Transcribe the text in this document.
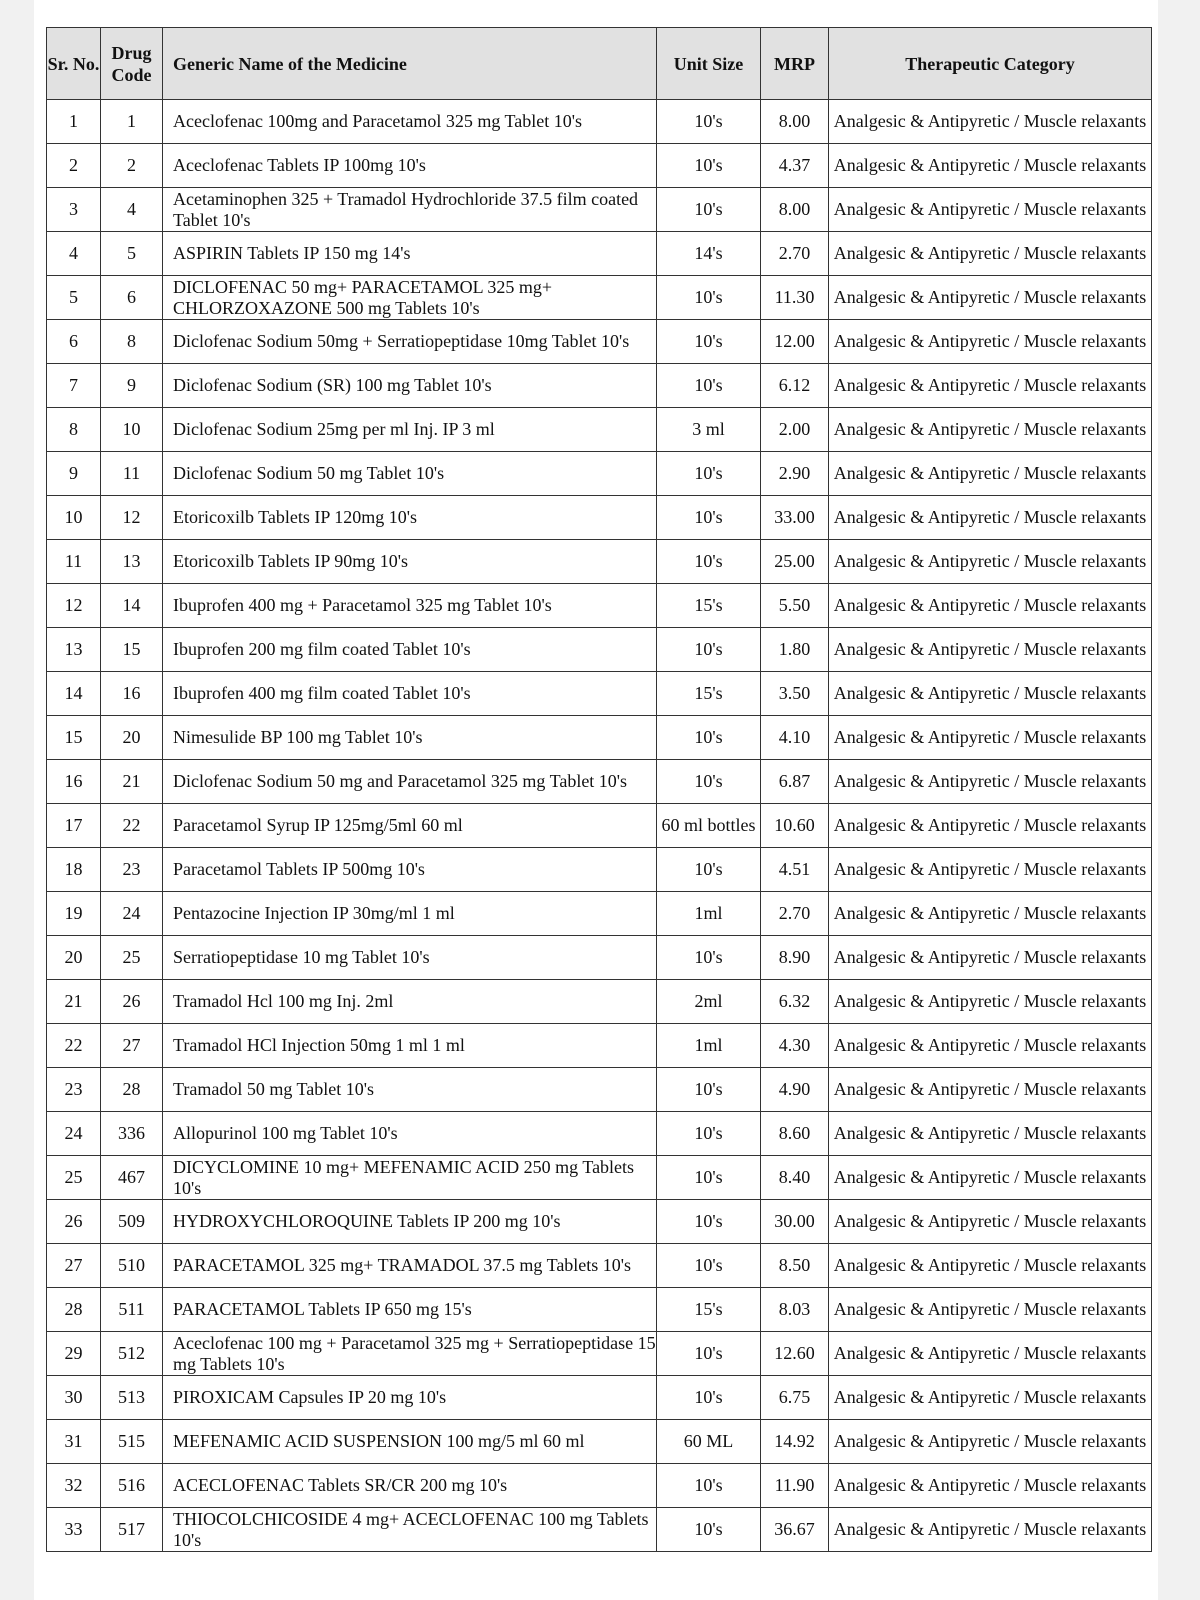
Sr. No.	Drug Code	Generic Name of the Medicine	Unit Size	MRP	Therapeutic Category
1	1	Aceclofenac 100mg and Paracetamol 325 mg Tablet 10's	10's	8.00	Analgesic & Antipyretic / Muscle relaxants
2	2	Aceclofenac Tablets IP 100mg 10's	10's	4.37	Analgesic & Antipyretic / Muscle relaxants
3	4	Acetaminophen 325 + Tramadol Hydrochloride 37.5 film coated Tablet 10's	10's	8.00	Analgesic & Antipyretic / Muscle relaxants
4	5	ASPIRIN Tablets IP 150 mg 14's	14's	2.70	Analgesic & Antipyretic / Muscle relaxants
5	6	DICLOFENAC 50 mg+ PARACETAMOL 325 mg+ CHLORZOXAZONE 500 mg Tablets 10's	10's	11.30	Analgesic & Antipyretic / Muscle relaxants
6	8	Diclofenac Sodium 50mg + Serratiopeptidase 10mg Tablet 10's	10's	12.00	Analgesic & Antipyretic / Muscle relaxants
7	9	Diclofenac Sodium (SR) 100 mg Tablet 10's	10's	6.12	Analgesic & Antipyretic / Muscle relaxants
8	10	Diclofenac Sodium 25mg per ml Inj. IP 3 ml	3 ml	2.00	Analgesic & Antipyretic / Muscle relaxants
9	11	Diclofenac Sodium 50 mg Tablet 10's	10's	2.90	Analgesic & Antipyretic / Muscle relaxants
10	12	Etoricoxilb Tablets IP 120mg 10's	10's	33.00	Analgesic & Antipyretic / Muscle relaxants
11	13	Etoricoxilb Tablets IP 90mg 10's	10's	25.00	Analgesic & Antipyretic / Muscle relaxants
12	14	Ibuprofen 400 mg + Paracetamol 325 mg Tablet 10's	15's	5.50	Analgesic & Antipyretic / Muscle relaxants
13	15	Ibuprofen 200 mg film coated Tablet 10's	10's	1.80	Analgesic & Antipyretic / Muscle relaxants
14	16	Ibuprofen 400 mg film coated Tablet 10's	15's	3.50	Analgesic & Antipyretic / Muscle relaxants
15	20	Nimesulide BP 100 mg Tablet 10's	10's	4.10	Analgesic & Antipyretic / Muscle relaxants
16	21	Diclofenac Sodium 50 mg and Paracetamol 325 mg Tablet 10's	10's	6.87	Analgesic & Antipyretic / Muscle relaxants
17	22	Paracetamol Syrup IP 125mg/5ml 60 ml	60 ml bottles	10.60	Analgesic & Antipyretic / Muscle relaxants
18	23	Paracetamol Tablets IP 500mg 10's	10's	4.51	Analgesic & Antipyretic / Muscle relaxants
19	24	Pentazocine Injection IP 30mg/ml 1 ml	1ml	2.70	Analgesic & Antipyretic / Muscle relaxants
20	25	Serratiopeptidase 10 mg Tablet 10's	10's	8.90	Analgesic & Antipyretic / Muscle relaxants
21	26	Tramadol Hcl 100 mg Inj. 2ml	2ml	6.32	Analgesic & Antipyretic / Muscle relaxants
22	27	Tramadol HCl Injection 50mg 1 ml 1 ml	1ml	4.30	Analgesic & Antipyretic / Muscle relaxants
23	28	Tramadol 50 mg Tablet 10's	10's	4.90	Analgesic & Antipyretic / Muscle relaxants
24	336	Allopurinol 100 mg Tablet 10's	10's	8.60	Analgesic & Antipyretic / Muscle relaxants
25	467	DICYCLOMINE 10 mg+ MEFENAMIC ACID 250 mg Tablets 10's	10's	8.40	Analgesic & Antipyretic / Muscle relaxants
26	509	HYDROXYCHLOROQUINE Tablets IP 200 mg 10's	10's	30.00	Analgesic & Antipyretic / Muscle relaxants
27	510	PARACETAMOL 325 mg+ TRAMADOL 37.5 mg Tablets 10's	10's	8.50	Analgesic & Antipyretic / Muscle relaxants
28	511	PARACETAMOL Tablets IP 650 mg 15's	15's	8.03	Analgesic & Antipyretic / Muscle relaxants
29	512	Aceclofenac 100 mg + Paracetamol 325 mg + Serratiopeptidase 15 mg Tablets 10's	10's	12.60	Analgesic & Antipyretic / Muscle relaxants
30	513	PIROXICAM Capsules IP 20 mg 10's	10's	6.75	Analgesic & Antipyretic / Muscle relaxants
31	515	MEFENAMIC ACID SUSPENSION 100 mg/5 ml 60 ml	60 ML	14.92	Analgesic & Antipyretic / Muscle relaxants
32	516	ACECLOFENAC Tablets SR/CR 200 mg 10's	10's	11.90	Analgesic & Antipyretic / Muscle relaxants
33	517	THIOCOLCHICOSIDE 4 mg+ ACECLOFENAC 100 mg Tablets 10's	10's	36.67	Analgesic & Antipyretic / Muscle relaxants
